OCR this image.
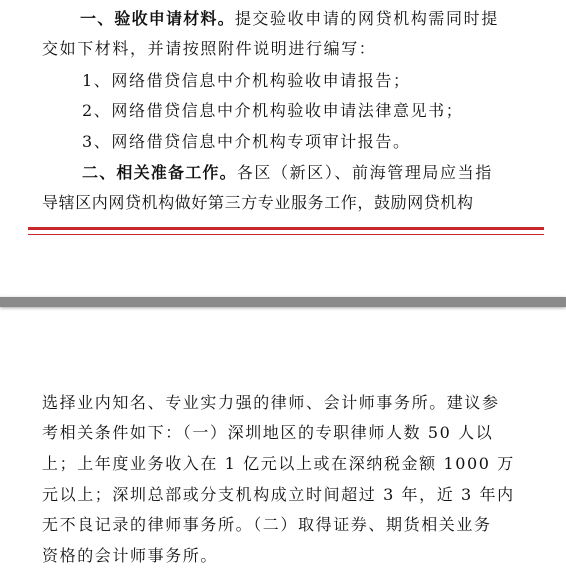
一、验收申请材料。提交验收申请的网贷机构需同时提
交如下材料，并请按照附件说明进行编写：
1、网络借贷信息中介机构验收申请报告；
2、网络借贷信息中介机构验收申请法律意见书；
3、网络借贷信息中介机构专项审计报告。
二、相关准备工作。各区（新区）、前海管理局应当指
导辖区内网贷机构做好第三方专业服务工作，鼓励网贷机构
选择业内知名、专业实力强的律师、会计师事务所。建议参
考相关条件如下：（一）深圳地区的专职律师人数 50 人以
上；上年度业务收入在 1 亿元以上或在深纳税金额 1000 万
元以上；深圳总部或分支机构成立时间超过 3 年，近 3 年内
无不良记录的律师事务所。（二）取得证券、期货相关业务
资格的会计师事务所。
